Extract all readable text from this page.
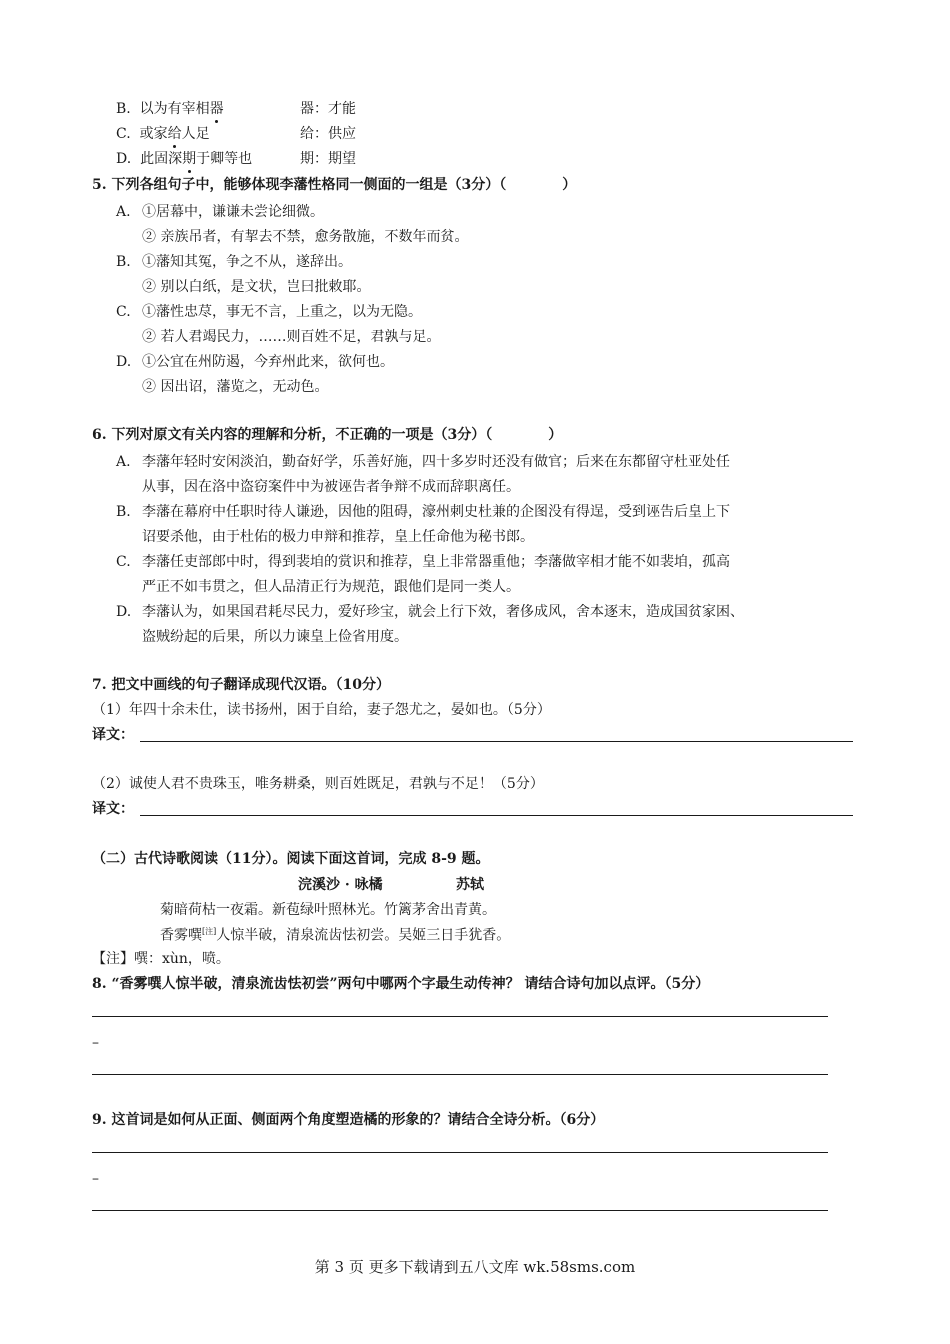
B. 以为有宰相器	器：才能
C. 或家给人足	给：供应
D. 此固深期于卿等也	期：期望
5. 下列各组句子中，能够体现李藩性格同一侧面的一组是（3分）（　　　　）
A. ①居幕中，谦谦未尝论细微。
② 亲族吊者，有挈去不禁，愈务散施，不数年而贫。
B. ①藩知其冤，争之不从，遂辞出。
② 别以白纸，是文状，岂曰批敕耶。
C. ①藩性忠荩，事无不言，上重之，以为无隐。
② 若人君竭民力，……则百姓不足，君孰与足。
D. ①公宜在州防遏，今弃州此来，欲何也。
② 因出诏，藩览之，无动色。
6. 下列对原文有关内容的理解和分析，不正确的一项是（3分）（　　　　）
A. 李藩年轻时安闲淡泊，勤奋好学，乐善好施，四十多岁时还没有做官；后来在东都留守杜亚处任
从事，因在洛中盗窃案件中为被诬告者争辩不成而辞职离任。
B. 李藩在幕府中任职时待人谦逊，因他的阻碍，濠州刺史杜兼的企图没有得逞，受到诬告后皇上下
诏要杀他，由于杜佑的极力申辩和推荐，皇上任命他为秘书郎。
C. 李藩任吏部郎中时，得到裴垍的赏识和推荐，皇上非常器重他；李藩做宰相才能不如裴垍，孤高
严正不如韦贯之，但人品清正行为规范，跟他们是同一类人。
D. 李藩认为，如果国君耗尽民力，爱好珍宝，就会上行下效，奢侈成风，舍本逐末，造成国贫家困、
盗贼纷起的后果，所以力谏皇上俭省用度。
7. 把文中画线的句子翻译成现代汉语。（10分）
（1）年四十余未仕，读书扬州，困于自给，妻子怨尤之，晏如也。（5分）
译文：
（2）诚使人君不贵珠玉，唯务耕桑，则百姓既足，君孰与不足！（5分）
译文：
（二）古代诗歌阅读（11分）。阅读下面这首词，完成 8-9 题。
浣溪沙 · 咏橘	苏轼
菊暗荷枯一夜霜。新苞绿叶照林光。竹篱茅舍出青黄。
香雾噀[注]人惊半破，清泉流齿怯初尝。吴姬三日手犹香。
【注】噀：xùn，喷。
8. “香雾噀人惊半破，清泉流齿怯初尝”两句中哪两个字最生动传神？ 请结合诗句加以点评。（5分）
–
9. 这首词是如何从正面、侧面两个角度塑造橘的形象的？请结合全诗分析。（6分）
–
第 3 页 更多下载请到五八文库 wk.58sms.com
